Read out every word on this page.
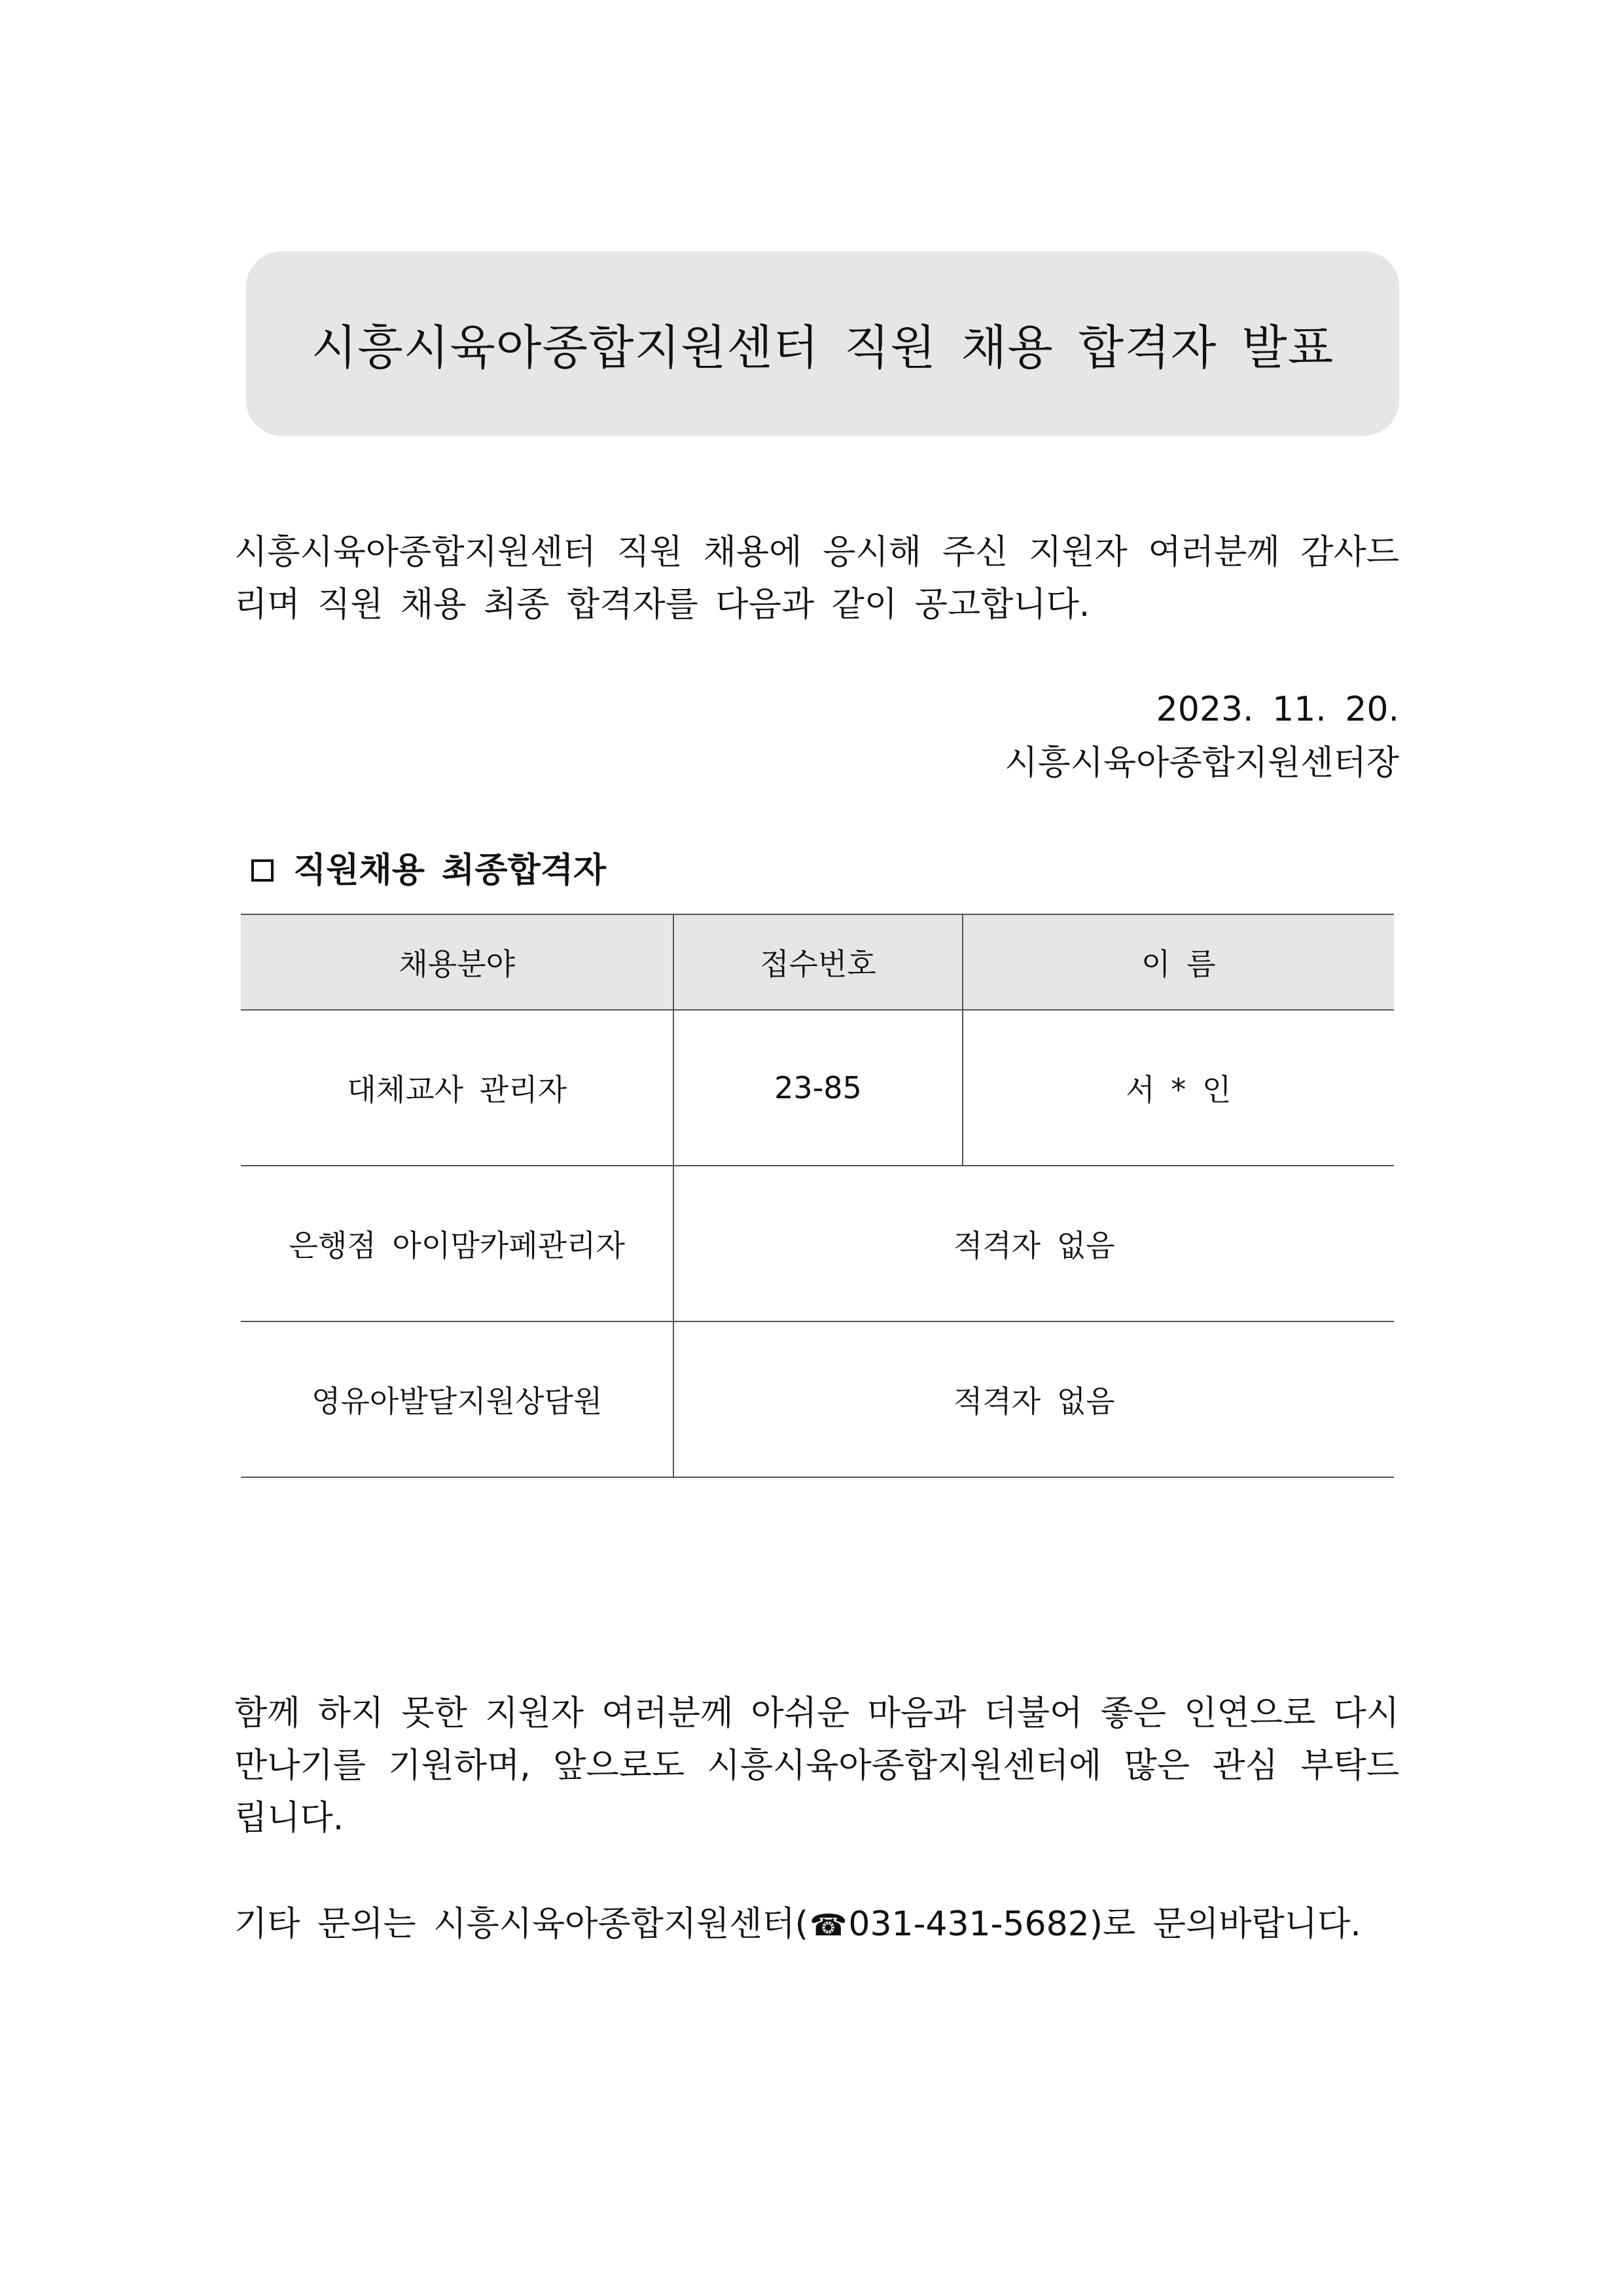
시흥시육아종합지원센터 직원 채용 합격자 발표
시흥시육아종합지원센터 직원 채용에 응시해 주신 지원자 여러분께 감사드리며 직원 채용 최종 합격자를 다음과 같이 공고합니다.
2023. 11. 20.
시흥시육아종합지원센터장
직원채용 최종합격자
채용분야	접수번호	이 름
대체교사 관리자	23-85	서 * 인
은행점 아이맘카페관리자	적격자 없음	
영유아발달지원상담원	적격자 없음	
함께 하지 못한 지원자 여러분께 아쉬운 마음과 더불어 좋은 인연으로 다시 만나기를 기원하며, 앞으로도 시흥시육아종합지원센터에 많은 관심 부탁드립니다.
기타 문의는 시흥시육아종합지원센터(☎031-431-5682)로 문의바랍니다.
